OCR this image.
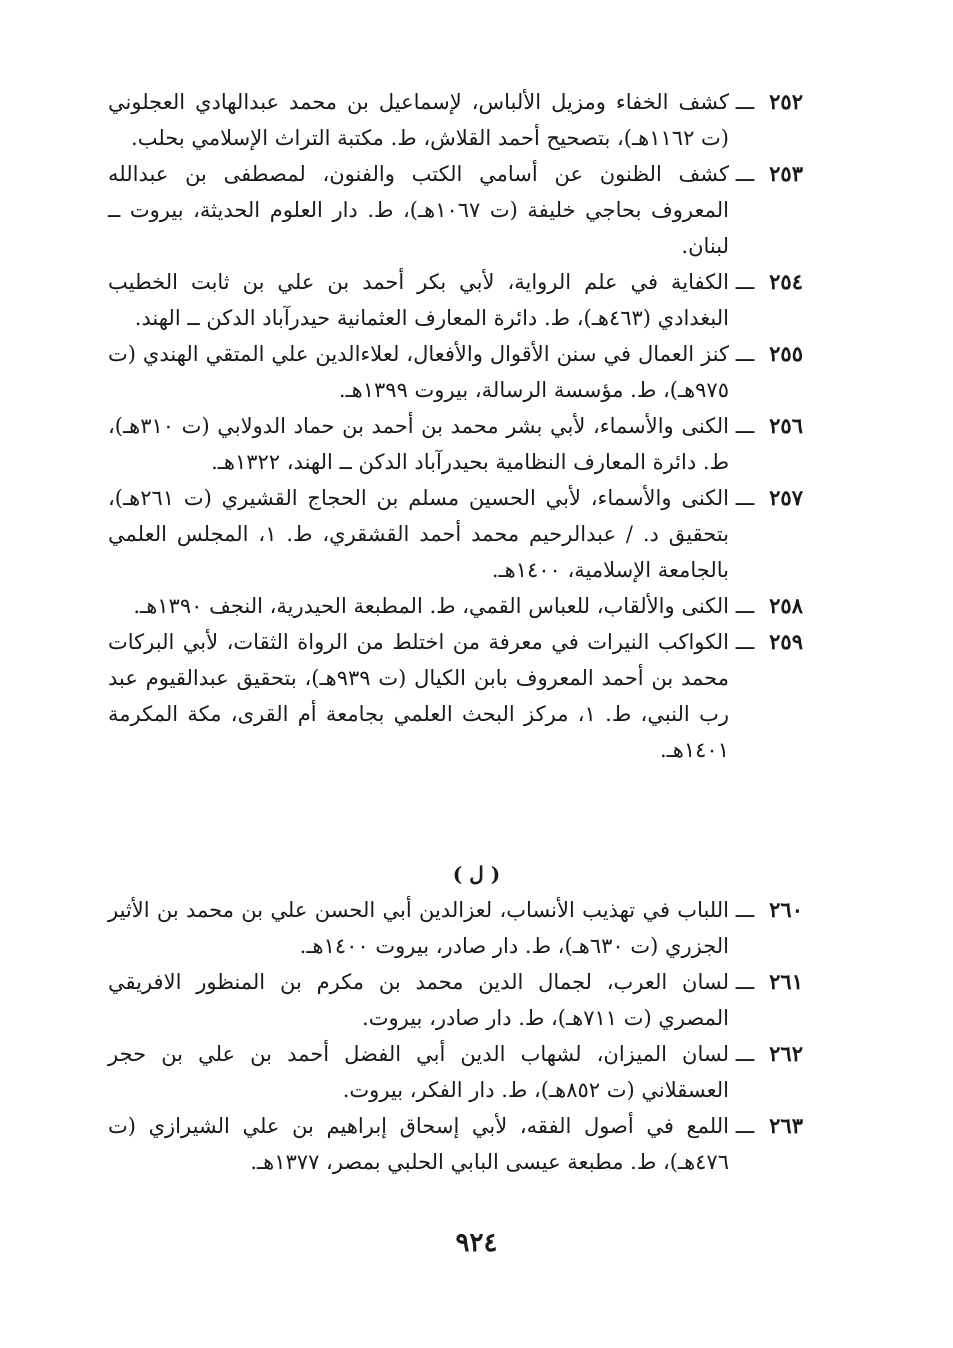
٢٥٢
ـــ
كشف الخفاء ومزيل الألباس، لإسماعيل بن محمد عبدالهادي العجلوني (ت ١١٦٢هـ)، بتصحيح أحمد القلاش، ط. مكتبة التراث الإسلامي بحلب.
٢٥٣
ـــ
كشف الظنون عن أسامي الكتب والفنون، لمصطفى بن عبدالله المعروف بحاجي خليفة (ت ١٠٦٧هـ)، ط. دار العلوم الحديثة، بيروت ــ لبنان.
٢٥٤
ـــ
الكفاية في علم الرواية، لأبي بكر أحمد بن علي بن ثابت الخطيب البغدادي (٤٦٣هـ)، ط. دائرة المعارف العثمانية حيدرآباد الدكن ــ الهند.
٢٥٥
ـــ
كنز العمال في سنن الأقوال والأفعال، لعلاءالدين علي المتقي الهندي (ت ٩٧٥هـ)، ط. مؤسسة الرسالة، بيروت ١٣٩٩هـ.
٢٥٦
ـــ
الكنى والأسماء، لأبي بشر محمد بن أحمد بن حماد الدولابي (ت ٣١٠هـ)، ط. دائرة المعارف النظامية بحيدرآباد الدكن ــ الهند، ١٣٢٢هـ.
٢٥٧
ـــ
الكنى والأسماء، لأبي الحسين مسلم بن الحجاج القشيري (ت ٢٦١هـ)، بتحقيق د. / عبدالرحيم محمد أحمد القشقري، ط. ١، المجلس العلمي بالجامعة الإسلامية، ١٤٠٠هـ.
٢٥٨
ـــ
الكنى والألقاب، للعباس القمي، ط. المطبعة الحيدرية، النجف ١٣٩٠هـ.
٢٥٩
ـــ
الكواكب النيرات في معرفة من اختلط من الرواة الثقات، لأبي البركات محمد بن أحمد المعروف بابن الكيال (ت ٩٣٩هـ)، بتحقيق عبدالقيوم عبد رب النبي، ط. ١، مركز البحث العلمي بجامعة أم القرى، مكة المكرمة ١٤٠١هـ.
( ل )
٢٦٠
ـــ
اللباب في تهذيب الأنساب، لعزالدين أبي الحسن علي بن محمد بن الأثير الجزري (ت ٦٣٠هـ)، ط. دار صادر، بيروت ١٤٠٠هـ.
٢٦١
ـــ
لسان العرب، لجمال الدين محمد بن مكرم بن المنظور الافريقي المصري (ت ٧١١هـ)، ط. دار صادر، بيروت.
٢٦٢
ـــ
لسان الميزان، لشهاب الدين أبي الفضل أحمد بن علي بن حجر العسقلاني (ت ٨٥٢هـ)، ط. دار الفكر، بيروت.
٢٦٣
ـــ
اللمع في أصول الفقه، لأبي إسحاق إبراهيم بن علي الشيرازي (ت ٤٧٦هـ)، ط. مطبعة عيسى البابي الحلبي بمصر، ١٣٧٧هـ.
٩٢٤
